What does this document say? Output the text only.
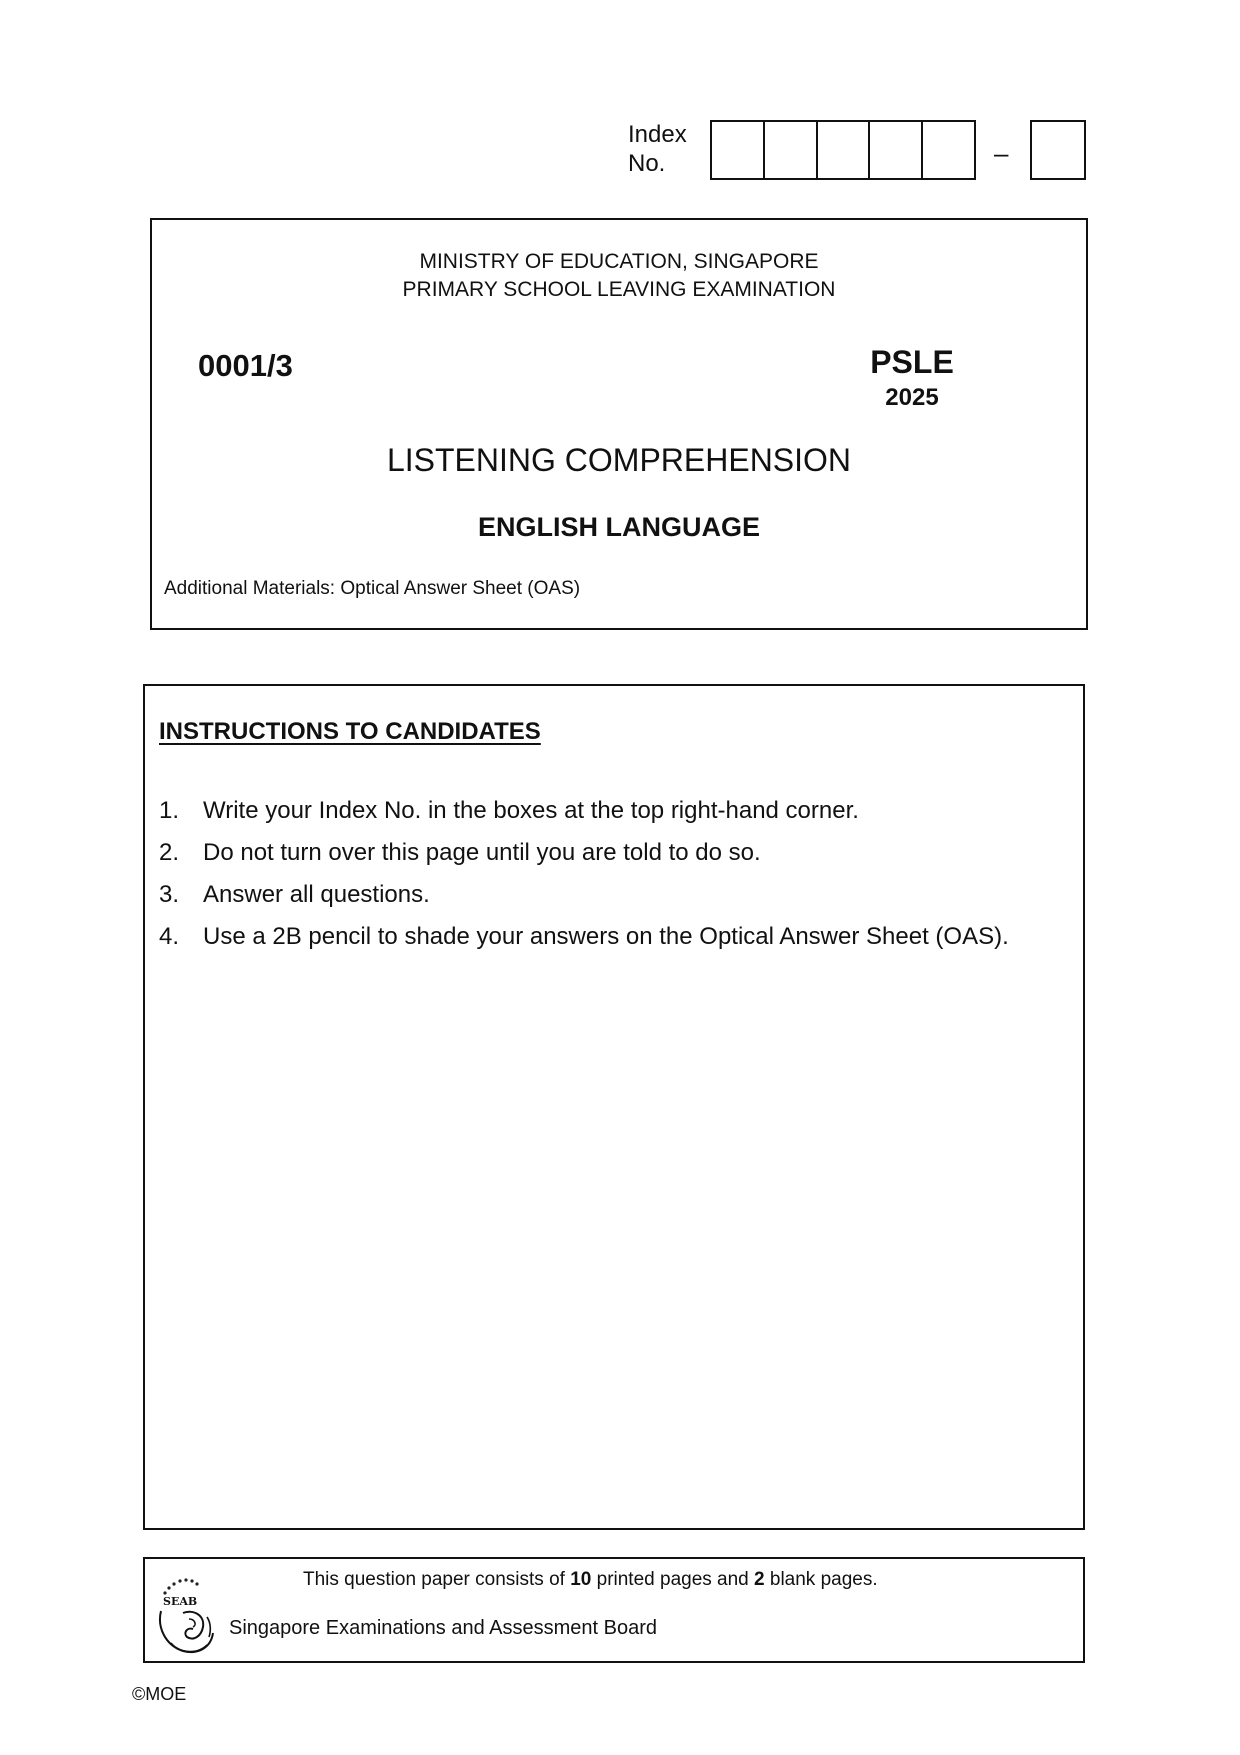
Index
No.	–
MINISTRY OF EDUCATION, SINGAPORE
PRIMARY SCHOOL LEAVING EXAMINATION
0001/3	PSLE
2025
LISTENING COMPREHENSION
ENGLISH LANGUAGE
Additional Materials: Optical Answer Sheet (OAS)
INSTRUCTIONS TO CANDIDATES
1. Write your Index No. in the boxes at the top right-hand corner.
2. Do not turn over this page until you are told to do so.
3. Answer all questions.
4. Use a 2B pencil to shade your answers on the Optical Answer Sheet (OAS).
This question paper consists of 10 printed pages and 2 blank pages.
SEAB
Singapore Examinations and Assessment Board
©MOE
